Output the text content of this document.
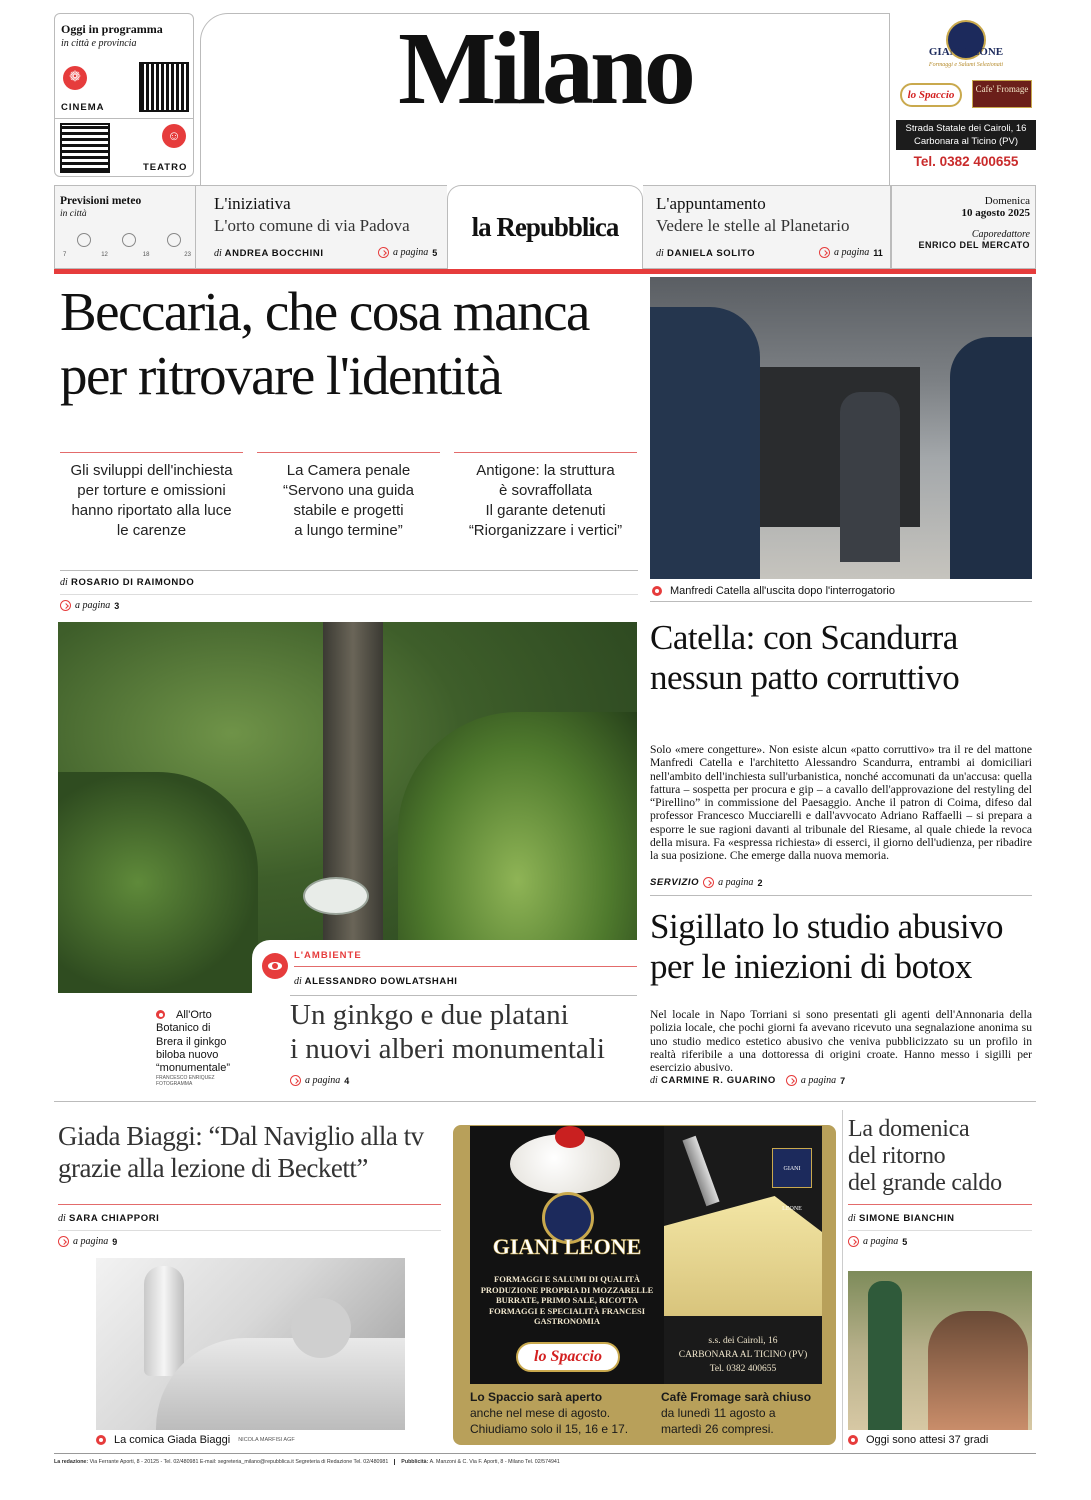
Oggi in programma
in città e provincia
❁
CINEMA
☺
TEATRO
Milano	GIANI LEONE
Formaggi e Salumi Selezionati
lo Spaccio	Cafe' Fromage
Strada Statale dei Cairoli, 16
Carbonara al Ticino (PV)
Tel. 0382 400655
Previsioni meteo
in città
7	12	18	23
L'iniziativa
L'orto comune di via Padova
di ANDREA BOCCHINI	a pagina 5
la Repubblica
L'appuntamento
Vedere le stelle al Planetario
di DANIELA SOLITO	a pagina 11
Domenica
10 agosto 2025
Caporedattore
ENRICO DEL MERCATO
Beccaria, che cosa manca
per ritrovare l'identità
Gli sviluppi dell'inchiesta
per torture e omissioni
hanno riportato alla luce
le carenze
La Camera penale
“Servono una guida
stabile e progetti
a lungo termine”
Antigone: la struttura
è sovraffollata
Il garante detenuti
“Riorganizzare i vertici”
di ROSARIO DI RAIMONDO
a pagina 3
Manfredi Catella all'uscita dopo l'interrogatorio
Catella: con Scandurra
nessun patto corruttivo
Solo «mere congetture». Non esiste alcun «patto corruttivo» tra il re del mattone Manfredi Catella e l'architetto Alessandro Scandurra, entrambi ai domiciliari nell'ambito dell'inchiesta sull'urbanistica, nonché accomunati da un'accusa: quella fattura – sospetta per procura e gip – a cavallo dell'approvazione del restyling del “Pirellino” in commissione del Paesaggio. Anche il patron di Coima, difeso dal professor Francesco Mucciarelli e dall'avvocato Adriano Raffaelli – si prepara a esporre le sue ragioni davanti al tribunale del Riesame, al quale chiede la revoca della misura. Fa «espressa richiesta» di esserci, il giorno dell'udienza, per ribadire la sua posizione. Che emerge dalla nuova memoria.
SERVIZIO a pagina 2
Sigillato lo studio abusivo
per le iniezioni di botox
Nel locale in Napo Torriani si sono presentati gli agenti dell'Annonaria della polizia locale, che pochi giorni fa avevano ricevuto una segnalazione anonima su uno studio medico estetico abusivo che veniva pubblicizzato su un profilo in realtà riferibile a una dottoressa di origini croate. Hanno messo i sigilli per esercizio abusivo.
di CARMINE R. GUARINO	a pagina 7
L'AMBIENTE
di ALESSANDRO DOWLATSHAHI
Un ginkgo e due platani
i nuovi alberi monumentali
a pagina 4
All'Orto
Botanico di
Brera il ginkgo
biloba nuovo
“monumentale”
FRANCESCO ENRIQUEZ
FOTOGRAMMA
Giada Biaggi: “Dal Naviglio alla tv
grazie alla lezione di Beckett”
di SARA CHIAPPORI
a pagina 9
La comica Giada Biaggi NICOLA MARFISI AGF
GIANI LEONE
FORMAGGI E SALUMI DI QUALITÀ
PRODUZIONE PROPRIA DI MOZZARELLE
BURRATE, PRIMO SALE, RICOTTA
FORMAGGI E SPECIALITÀ FRANCESI
GASTRONOMIA
lo Spaccio
GIANI LEONE
s.s. dei Cairoli, 16
CARBONARA AL TICINO (PV)
Tel. 0382 400655
Lo Spaccio sarà aperto
anche nel mese di agosto.
Chiudiamo solo il 15, 16 e 17.
Cafè Fromage sarà chiuso
da lunedì 11 agosto a
martedì 26 compresi.
La domenica
del ritorno
del grande caldo
di SIMONE BIANCHIN
a pagina 5
Oggi sono attesi 37 gradi
La redazione: Via Ferrante Aporti, 8 - 20125 - Tel. 02/480981 E-mail: segreteria_milano@repubblica.it Segreteria di Redazione Tel. 02/480981 Pubblicità: A. Manzoni & C. Via F. Aporti, 8 - Milano Tel. 02/574941
